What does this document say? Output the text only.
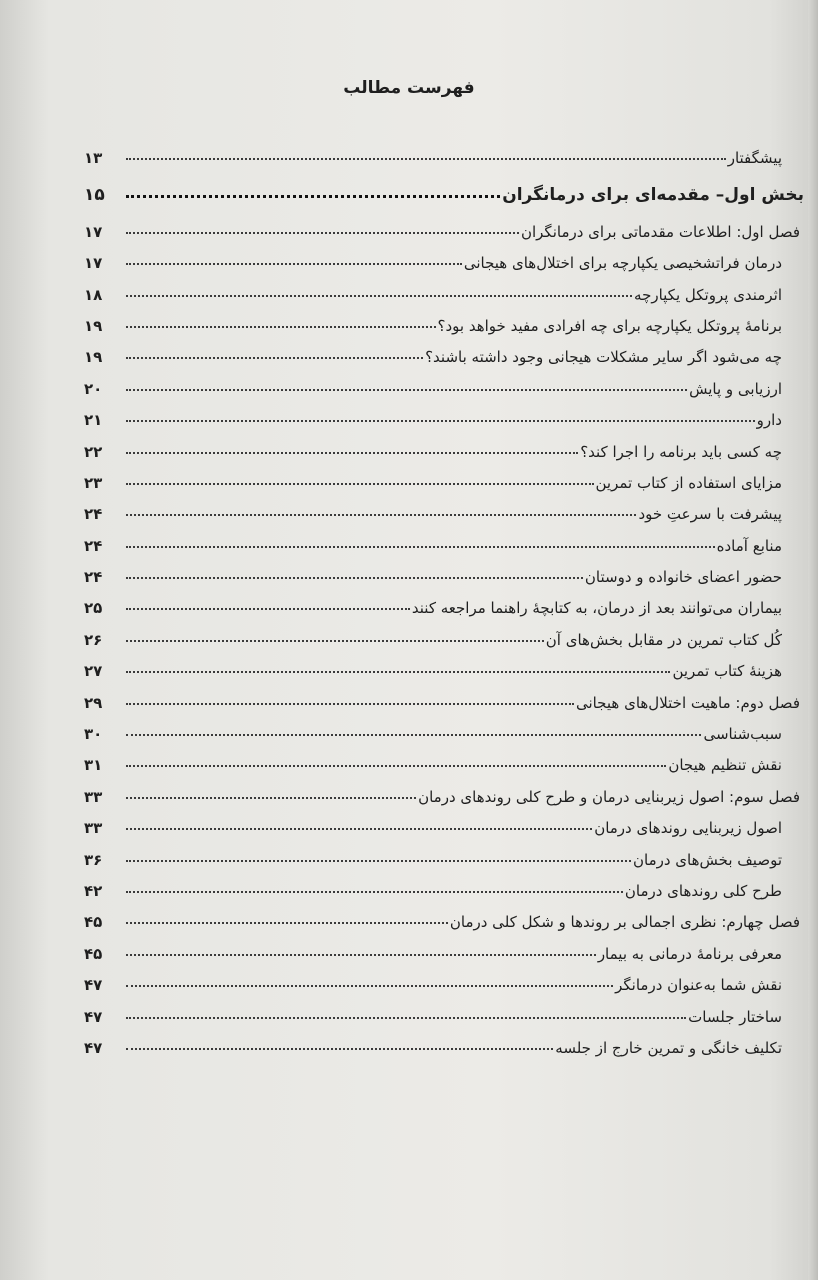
فهرست مطالب
پیشگفتار
۱۳
بخش اول– مقدمه‌ای برای درمانگران
۱۵
فصل اول: اطلاعات مقدماتی برای درمانگران
۱۷
درمان فراتشخیصی یکپارچه برای اختلال‌های هیجانی
۱۷
اثرمندی پروتکل یکپارچه
۱۸
برنامهٔ پروتکل یکپارچه برای چه افرادی مفید خواهد بود؟
۱۹
چه می‌شود اگر سایر مشکلات هیجانی وجود داشته باشند؟
۱۹
ارزیابی و پایش
۲۰
دارو
۲۱
چه کسی باید برنامه را اجرا کند؟
۲۲
مزایای استفاده از کتاب تمرین
۲۳
پیشرفت با سرعتِ خود
۲۴
منابع آماده
۲۴
حضور اعضای خانواده و دوستان
۲۴
بیماران می‌توانند بعد از درمان، به کتابچهٔ راهنما مراجعه کنند
۲۵
کُل کتاب تمرین در مقابل بخش‌های آن
۲۶
هزینهٔ کتاب تمرین
۲۷
فصل دوم: ماهیت اختلال‌های هیجانی
۲۹
سبب‌شناسی
۳۰
نقش تنظیم هیجان
۳۱
فصل سوم: اصول زیربنایی درمان و طرح کلی روندهای درمان
۳۳
اصول زیربنایی روندهای درمان
۳۳
توصیف بخش‌های درمان
۳۶
طرح کلی روندهای درمان
۴۲
فصل چهارم: نظری اجمالی بر روندها و شکل کلی درمان
۴۵
معرفی برنامهٔ درمانی به بیمار
۴۵
نقش شما به‌عنوان درمانگر
۴۷
ساختار جلسات
۴۷
تکلیف خانگی و تمرین خارج از جلسه
۴۷
